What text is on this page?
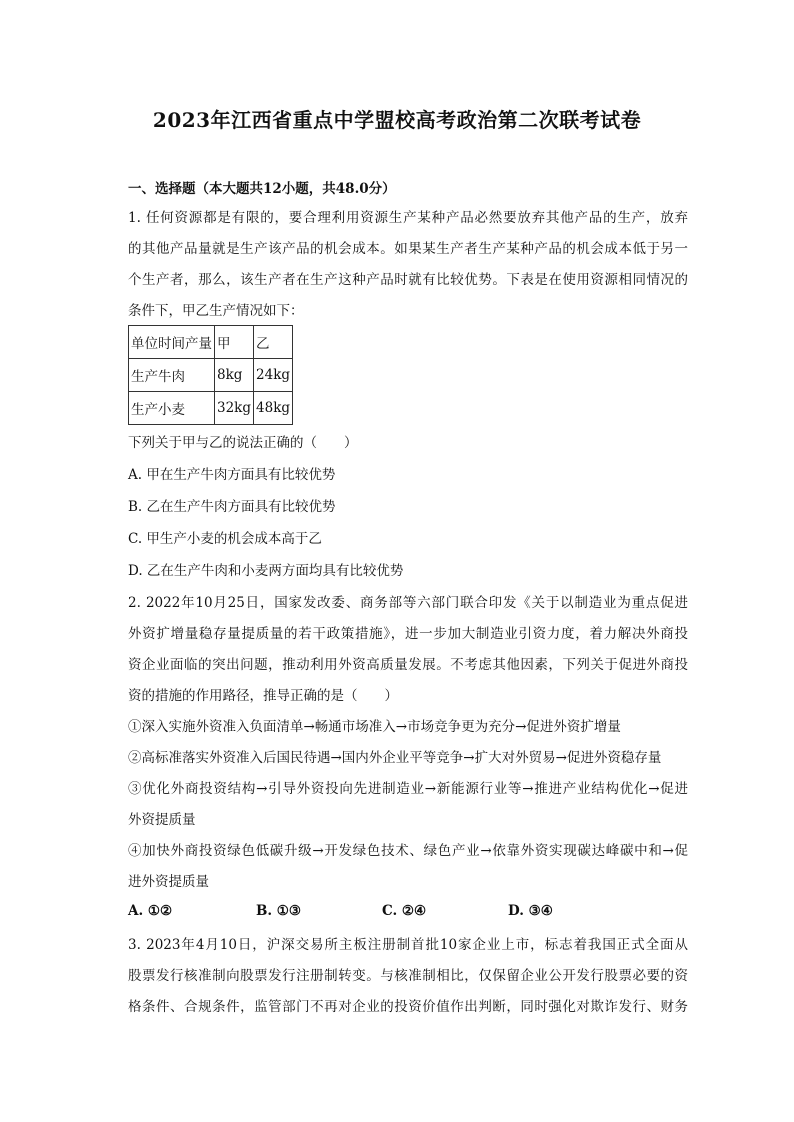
2023年江西省重点中学盟校高考政治第二次联考试卷
一、选择题（本大题共12小题，共48.0分）
1. 任何资源都是有限的，要合理利用资源生产某种产品必然要放弃其他产品的生产，放弃
的其他产品量就是生产该产品的机会成本。如果某生产者生产某种产品的机会成本低于另一
个生产者，那么，该生产者在生产这种产品时就有比较优势。下表是在使用资源相同情况的
条件下，甲乙生产情况如下：
单位时间产量	甲	乙
生产牛肉	8kg	24kg
生产小麦	32kg	48kg
下列关于甲与乙的说法正确的（　　）
A. 甲在生产牛肉方面具有比较优势
B. 乙在生产牛肉方面具有比较优势
C. 甲生产小麦的机会成本高于乙
D. 乙在生产牛肉和小麦两方面均具有比较优势
2. 2022年10月25日，国家发改委、商务部等六部门联合印发《关于以制造业为重点促进
外资扩增量稳存量提质量的若干政策措施》，进一步加大制造业引资力度，着力解决外商投
资企业面临的突出问题，推动利用外资高质量发展。不考虑其他因素，下列关于促进外商投
资的措施的作用路径，推导正确的是（　　）
①深入实施外资准入负面清单→畅通市场准入→市场竞争更为充分→促进外资扩增量
②高标准落实外资准入后国民待遇→国内外企业平等竞争→扩大对外贸易→促进外资稳存量
③优化外商投资结构→引导外资投向先进制造业→新能源行业等→推进产业结构优化→促进
外资提质量
④加快外商投资绿色低碳升级→开发绿色技术、绿色产业→依靠外资实现碳达峰碳中和→促
进外资提质量
A. ①②	B. ①③	C. ②④	D. ③④
3. 2023年4月10日，沪深交易所主板注册制首批10家企业上市，标志着我国正式全面从
股票发行核准制向股票发行注册制转变。与核准制相比，仅保留企业公开发行股票必要的资
格条件、合规条件，监管部门不再对企业的投资价值作出判断，同时强化对欺诈发行、财务
